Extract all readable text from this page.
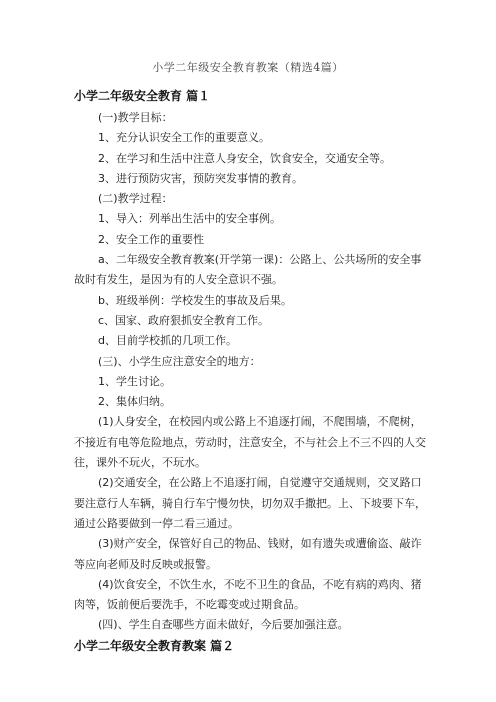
小学二年级安全教育教案（精选4篇）
小学二年级安全教育 篇１

(一)教学目标：

1、充分认识安全工作的重要意义。

2、在学习和生活中注意人身安全，饮食安全，交通安全等。

3、进行预防灾害，预防突发事情的教育。

(二)教学过程：

1、导入：列举出生活中的安全事例。

2、安全工作的重要性

a、二年级安全教育教案(开学第一课)：公路上、公共场所的安全事故时有发生，是因为有的人安全意识不强。

b、班级举例：学校发生的事故及后果。

c、国家、政府狠抓安全教育工作。

d、目前学校抓的几项工作。

(三)、小学生应注意安全的地方：

1、学生讨论。

2、集体归纳。

(1)人身安全，在校园内或公路上不追逐打闹，不爬围墙，不爬树，不接近有电等危险地点，劳动时，注意安全，不与社会上不三不四的人交往，课外不玩火，不玩水。

(2)交通安全，在公路上不追逐打闹，自觉遵守交通规则，交叉路口要注意行人车辆，骑自行车宁慢勿快，切勿双手撒把。上、下坡要下车，通过公路要做到一停二看三通过。

(3)财产安全，保管好自己的物品、钱财，如有遗失或遭偷盗、敲诈等应向老师及时反映或报警。

(4)饮食安全，不饮生水，不吃不卫生的食品，不吃有病的鸡肉、猪肉等，饭前便后要洗手，不吃霉变或过期食品。

(四)、学生自查哪些方面未做好，今后要加强注意。

小学二年级安全教育教案 篇２
